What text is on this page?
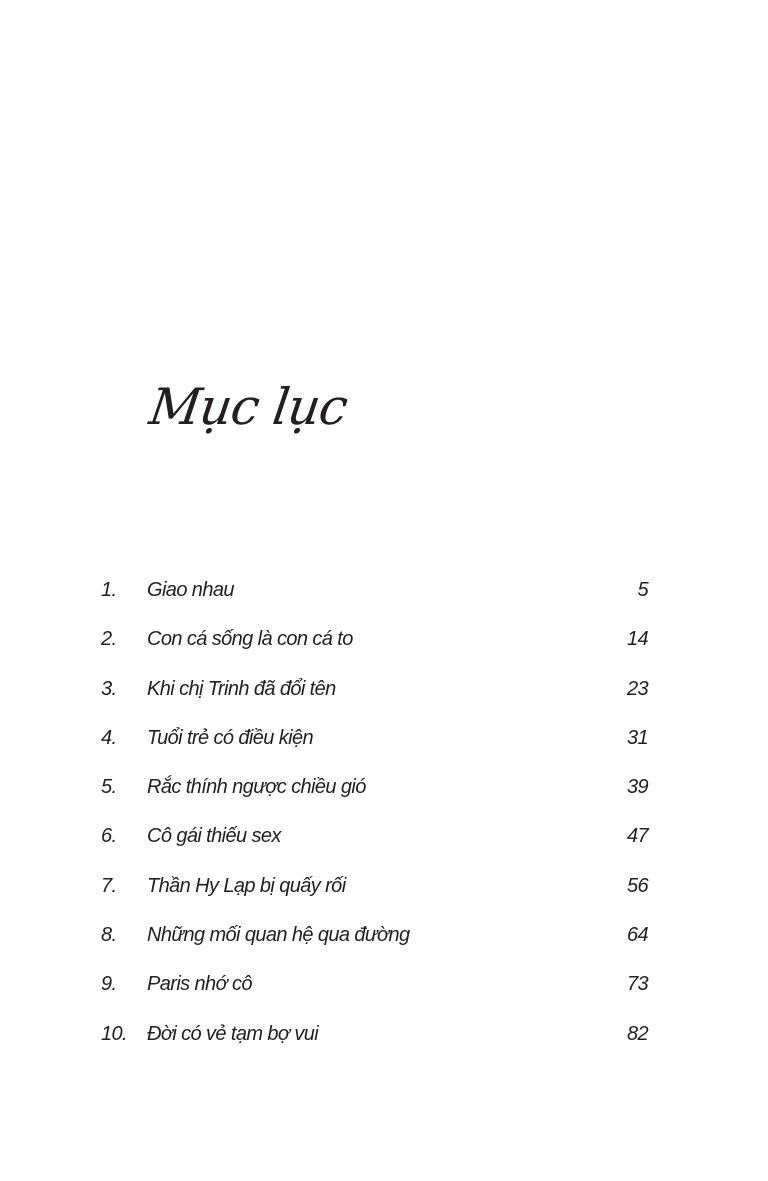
Mục lục
1. Giao nhau	5
2. Con cá sống là con cá to	14
3. Khi chị Trinh đã đổi tên	23
4. Tuổi trẻ có điều kiện	31
5. Rắc thính ngược chiều gió	39
6. Cô gái thiếu sex	47
7. Thần Hy Lạp bị quấy rối	56
8. Những mối quan hệ qua đường	64
9. Paris nhớ cô	73
10. Đời có vẻ tạm bợ vui	82
